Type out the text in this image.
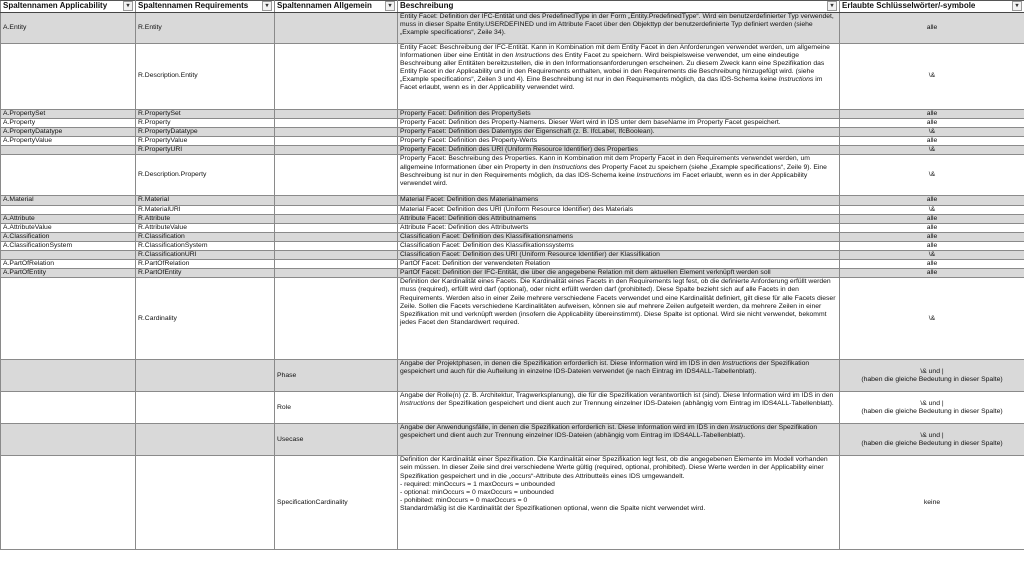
Spaltennamen Applicability ▾	Spaltennamen Requirements ▾	Spaltennamen Allgemein ▾	Beschreibung ▾	Erlaubte Schlüsselwörter/-symbole ▾

A.Entity	R.Entity		Entity Facet: Definition der IFC-Entität und des PredefinedType in der Form „Entity.PredefinedType“. Wird ein benutzerdefinierter Typ verwendet, muss in dieser Spalte Entity.USERDEFINED und im Attribute Facet über den Objekttyp der benutzerdefinierte Typ definiert werden (siehe „Example specifications“, Zeile 34).	alle
	R.Description.Entity		Entity Facet: Beschreibung der IFC-Entität. Kann in Kombination mit dem Entity Facet in den Anforderungen verwendet werden, um allgemeine Informationen über eine Entität in den Instructions des Entity Facet zu speichern. Wird beispielsweise verwendet, um eine eindeutige Beschreibung aller Entitäten bereitzustellen, die in den Informationsanforderungen erscheinen. Zu diesem Zweck kann eine Spezifikation das Entity Facet in der Applicability und in den Requirements enthalten, wobei in den Requirements die Beschreibung hinzugefügt wird. (siehe „Example specifications“, Zeilen 3 und 4). Eine Beschreibung ist nur in den Requirements möglich, da das IDS-Schema keine Instructions im Facet erlaubt, wenn es in der Applicability verwendet wird.	\&
A.PropertySet	R.PropertySet		Property Facet: Definition des PropertySets	alle
A.Property	R.Property		Property Facet: Definition des Property-Namens. Dieser Wert wird in IDS unter dem baseName im Property Facet gespeichert.	alle
A.PropertyDatatype	R.PropertyDatatype		Property Facet: Definition des Datentyps der Eigenschaft (z. B. IfcLabel, IfcBoolean).	\&
A.PropertyValue	R.PropertyValue		Property Facet: Definition des Property-Werts	alle
	R.PropertyURI		Property Facet: Definition des URI (Uniform Resource Identifier) des Properties	\&
	R.Description.Property		Property Facet: Beschreibung des Properties. Kann in Kombination mit dem Property Facet in den Requirements verwendet werden, um allgemeine Informationen über ein Property in den Instructions des Property Facet zu speichern (siehe „Example specifications“, Zeile 9). Eine Beschreibung ist nur in den Requirements möglich, da das IDS-Schema keine Instructions im Facet erlaubt, wenn es in der Applicability verwendet wird.	\&
A.Material	R.Material		Material Facet: Definition des Materialnamens	alle
	R.MaterialURI		Material Facet: Definition des URI (Uniform Resource Identifier) des Materials	\&
A.Attribute	R.Attribute		Attribute Facet: Definition des Attributnamens	alle
A.AttributeValue	R.AttributeValue		Attribute Facet: Definition des Attributwerts	alle
A.Classification	R.Classification		Classification Facet: Definition des Klassifikationsnamens	alle
A.ClassificationSystem	R.ClassificationSystem		Classification Facet: Definition des Klassifikationssystems	alle
	R.ClassificationURI		Classification Facet: Definition des URI (Uniform Resource Identifier) der Klassifikation	\&
A.PartOfRelation	R.PartOfRelation		PartOf Facet: Definition der verwendeten Relation	alle
A.PartOfEntity	R.PartOfEntity		PartOf Facet: Definition der IFC-Entität, die über die angegebene Relation mit dem aktuellen Element verknüpft werden soll	alle
	R.Cardinality		Definition der Kardinalität eines Facets. Die Kardinalität eines Facets in den Requirements legt fest, ob die definierte Anforderung erfüllt werden muss (required), erfüllt wird darf (optional), oder nicht erfüllt werden darf (prohibited). Diese Spalte bezieht sich auf alle Facets in den Requirements. Werden also in einer Zeile mehrere verschiedene Facets verwendet und eine Kardinalität definiert, gilt diese für alle Facets dieser Zeile. Sollen die Facets verschiedene Kardinalitäten aufweisen, können sie auf mehrere Zeilen aufgeteilt werden, da mehrere Zeilen in einer Spezifikation mit und verknüpft werden (insofern die Applicability übereinstimmt). Diese Spalte ist optional. Wird sie nicht verwendet, bekommt jedes Facet den Standardwert required.	\&
		Phase	Angabe der Projektphasen, in denen die Spezifikation erforderlich ist. Diese Information wird im IDS in den Instructions der Spezifikation gespeichert und auch für die Aufteilung in einzelne IDS-Dateien verwendet (je nach Eintrag im IDS4ALL-Tabellenblatt).	\& und |
(haben die gleiche Bedeutung in dieser Spalte)
		Role	Angabe der Rolle(n) (z. B. Architektur, Tragwerksplanung), die für die Spezifikation verantwortlich ist (sind). Diese Information wird im IDS in den Instructions der Spezifikation gespeichert und dient auch zur Trennung einzelner IDS-Dateien (abhängig vom Eintrag im IDS4ALL-Tabellenblatt).	\& und |
(haben die gleiche Bedeutung in dieser Spalte)
		Usecase	Angabe der Anwendungsfälle, in denen die Spezifikation erforderlich ist. Diese Information wird im IDS in den Instructions der Spezifikation gespeichert und dient auch zur Trennung einzelner IDS-Dateien (abhängig vom Eintrag im IDS4ALL-Tabellenblatt).	\& und |
(haben die gleiche Bedeutung in dieser Spalte)
		SpecificationCardinality	Definition der Kardinalität einer Spezifikation. Die Kardinalität einer Spezifikation legt fest, ob die angegebenen Elemente im Modell vorhanden sein müssen. In dieser Zeile sind drei verschiedene Werte gültig (required, optional, prohibited). Diese Werte werden in der Applicability einer Spezifikation gespeichert und in die „occurs“-Attribute des Attributteils eines IDS umgewandelt.
- required: minOccurs = 1 maxOccurs = unbounded
- optional: minOccurs = 0 maxOccurs = unbounded
- pohibited: minOccurs = 0 maxOccurs = 0
Standardmäßig ist die Kardinalität der Spezifikationen optional, wenn die Spalte nicht verwendet wird.	keine
